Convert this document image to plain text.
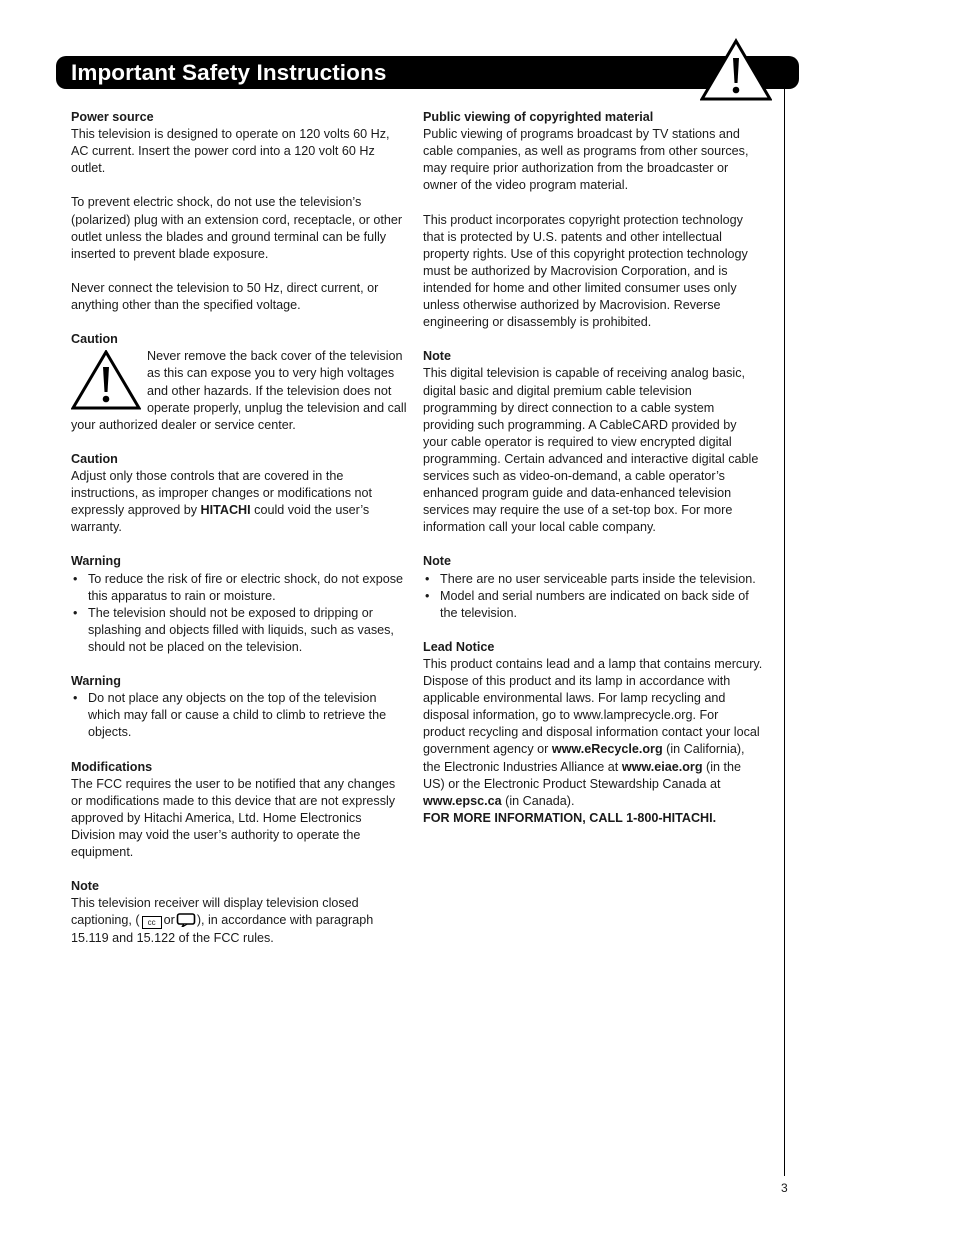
Important Safety Instructions
Power source

This television is designed to operate on 120 volts 60 Hz, AC current. Insert the power cord into a 120 volt 60 Hz outlet.

To prevent electric shock, do not use the television’s (polarized) plug with an extension cord, receptacle, or other outlet unless the blades and ground terminal can be fully inserted to prevent blade exposure.

Never connect the television to 50 Hz, direct current, or anything other than the specified voltage.

Caution

Never remove the back cover of the television as this can expose you to very high voltages and other hazards. If the television does not operate properly, unplug the television and call your authorized dealer or service center.

Caution

Adjust only those controls that are covered in the instructions, as improper changes or modifications not expressly approved by HITACHI could void the user’s warranty.

Warning
• To reduce the risk of fire or electric shock, do not expose this apparatus to rain or moisture.
• The television should not be exposed to dripping or splashing and objects filled with liquids, such as vases, should not be placed on the television.
Warning
• Do not place any objects on the top of the television which may fall or cause a child to climb to retrieve the objects.
Modifications

The FCC requires the user to be notified that any changes or modifications made to this device that are not expressly approved by Hitachi America, Ltd. Home Electronics Division may void the user’s authority to operate the equipment.

Note

This television receiver will display television closed captioning, ( cc or ), in accordance with paragraph 15.119 and 15.122 of the FCC rules.

Public viewing of copyrighted material

Public viewing of programs broadcast by TV stations and cable companies, as well as programs from other sources, may require prior authorization from the broadcaster or owner of the video program material.

This product incorporates copyright protection technology that is protected by U.S. patents and other intellectual property rights. Use of this copyright protection technology must be authorized by Macrovision Corporation, and is intended for home and other limited consumer uses only unless otherwise authorized by Macrovision. Reverse engineering or disassembly is prohibited.

Note

This digital television is capable of receiving analog basic, digital basic and digital premium cable television programming by direct connection to a cable system providing such programming. A CableCARD provided by your cable operator is required to view encrypted digital programming. Certain advanced and interactive digital cable services such as video-on-demand, a cable operator’s enhanced program guide and data-enhanced television services may require the use of a set-top box. For more information call your local cable company.

Note
• There are no user serviceable parts inside the television.
• Model and serial numbers are indicated on back side of the television.
Lead Notice

This product contains lead and a lamp that contains mercury. Dispose of this product and its lamp in accordance with applicable environmental laws. For lamp recycling and disposal information, go to www.lamprecycle.org. For product recycling and disposal information contact your local government agency or www.eRecycle.org (in California), the Electronic Industries Alliance at www.eiae.org (in the US) or the Electronic Product Stewardship Canada at www.epsc.ca (in Canada).

FOR MORE INFORMATION, CALL 1-800-HITACHI.
3
